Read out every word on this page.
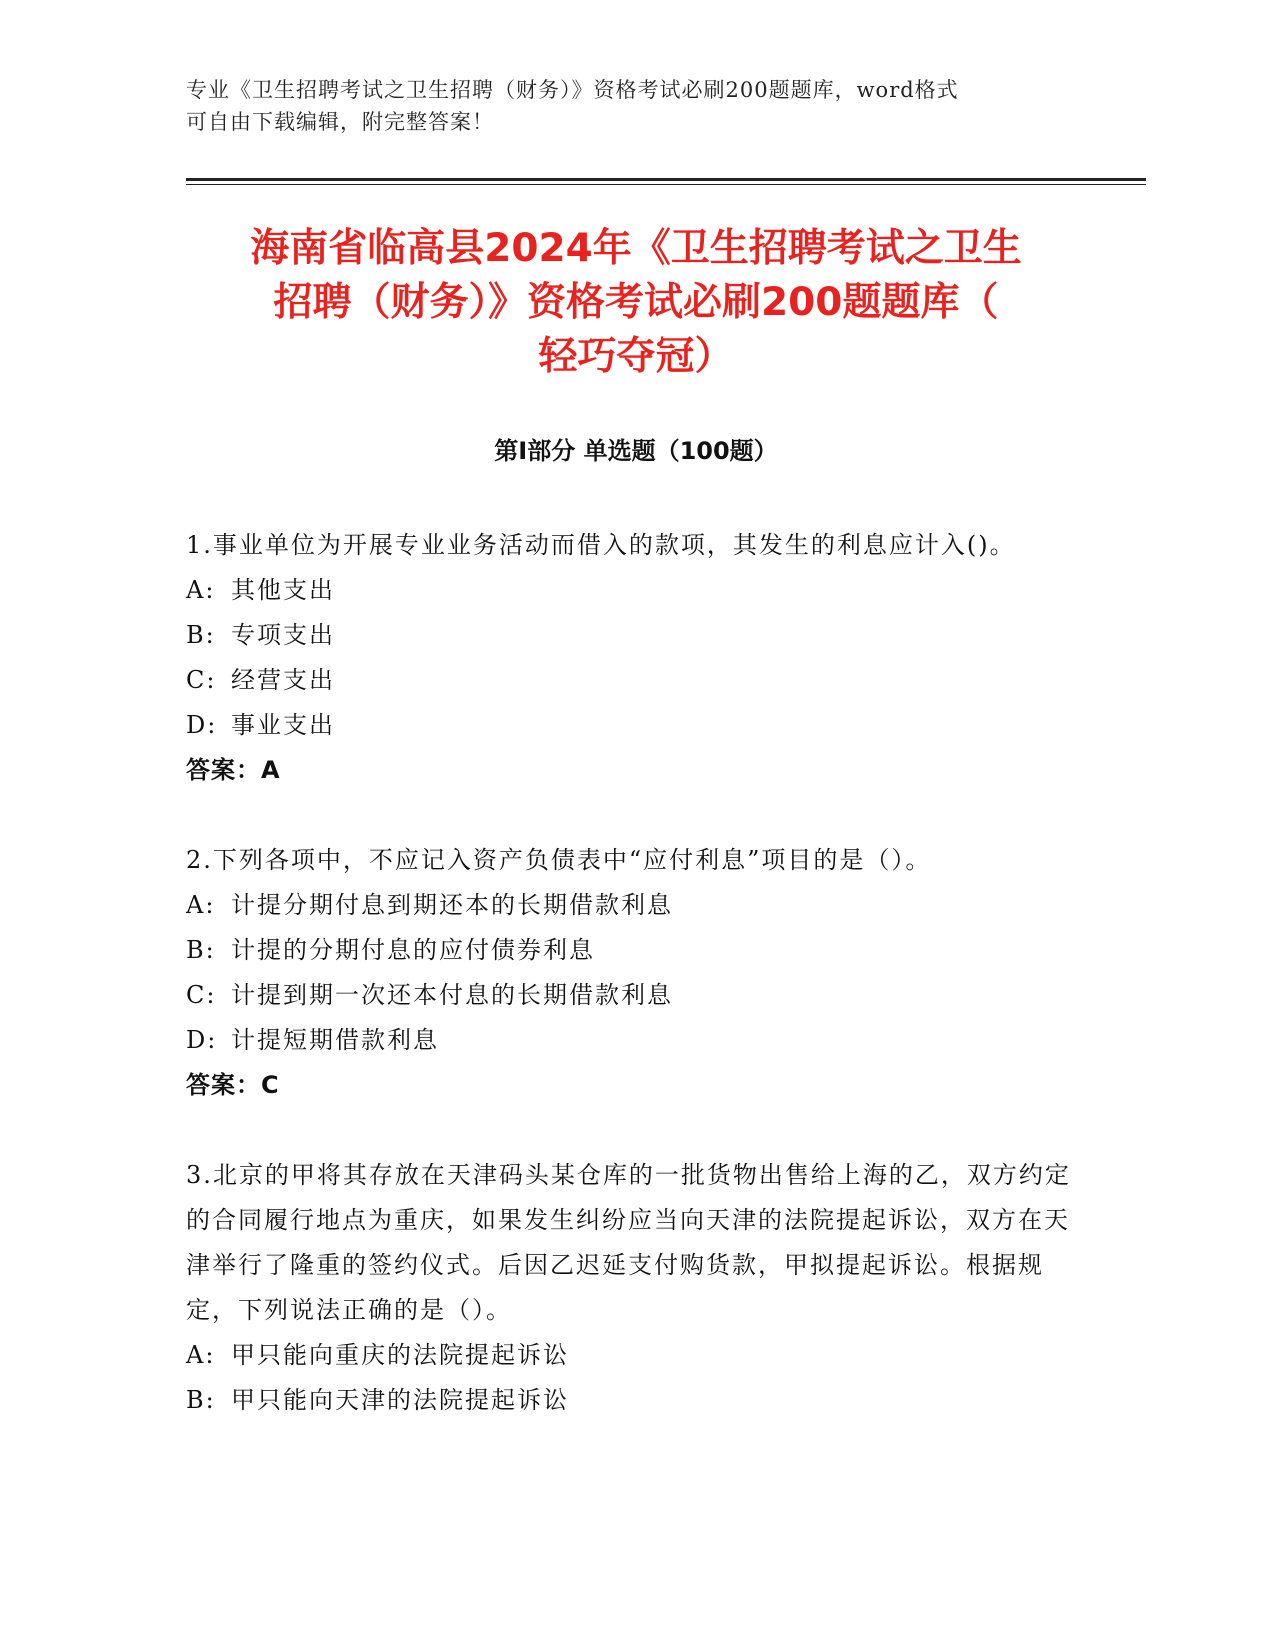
专业《卫生招聘考试之卫生招聘（财务）》资格考试必刷200题题库，word格式
可自由下载编辑，附完整答案！
海南省临高县2024年《卫生招聘考试之卫生
招聘（财务）》资格考试必刷200题题库（
轻巧夺冠）
第Ⅰ部分 单选题（100题）

1.事业单位为开展专业业务活动而借入的款项，其发生的利息应计入()。

A: 其他支出

B: 专项支出

C: 经营支出

D: 事业支出

答案：A

2.下列各项中，不应记入资产负债表中“应付利息”项目的是（）。

A: 计提分期付息到期还本的长期借款利息

B: 计提的分期付息的应付债券利息

C: 计提到期一次还本付息的长期借款利息

D: 计提短期借款利息

答案：C

3.北京的甲将其存放在天津码头某仓库的一批货物出售给上海的乙，双方约定的合同履行地点为重庆，如果发生纠纷应当向天津的法院提起诉讼，双方在天津举行了隆重的签约仪式。后因乙迟延支付购货款，甲拟提起诉讼。根据规定，下列说法正确的是（）。

A: 甲只能向重庆的法院提起诉讼

B: 甲只能向天津的法院提起诉讼
